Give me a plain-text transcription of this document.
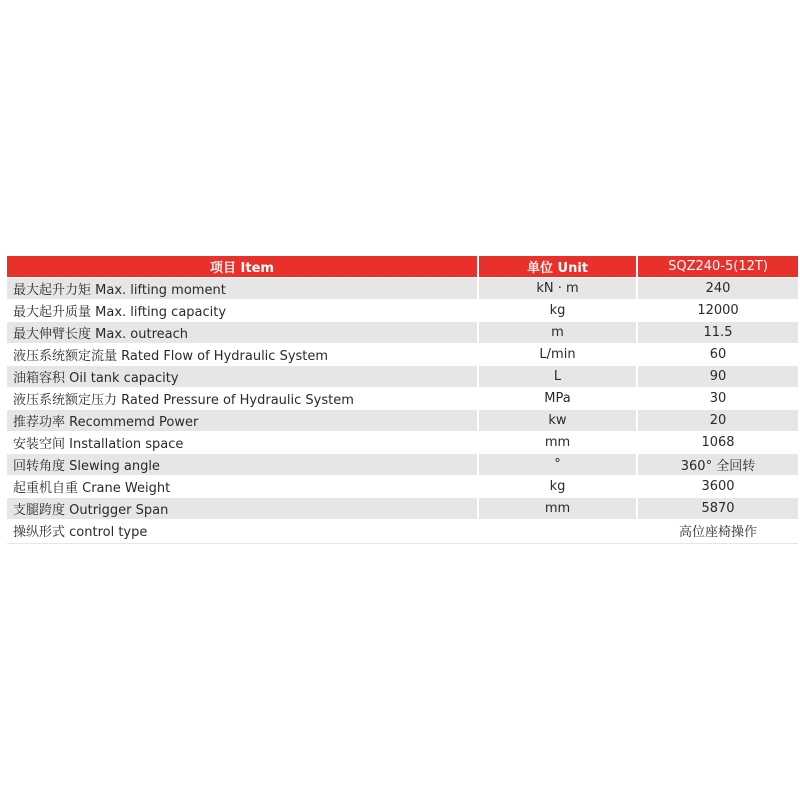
项目 Item	单位 Unit	SQZ240-5(12T)
最大起升力矩 Max. lifting moment	kN · m	240
最大起升质量 Max. lifting capacity	kg	12000
最大伸臂长度 Max. outreach	m	11.5
液压系统额定流量 Rated Flow of Hydraulic System	L/min	60
油箱容积 Oil tank capacity	L	90
液压系统额定压力 Rated Pressure of Hydraulic System	MPa	30
推荐功率 Recommemd Power	kw	20
安装空间 Installation space	mm	1068
回转角度 Slewing angle	°	360° 全回转
起重机自重 Crane Weight	kg	3600
支腿跨度 Outrigger Span	mm	5870
操纵形式 control type		高位座椅操作
